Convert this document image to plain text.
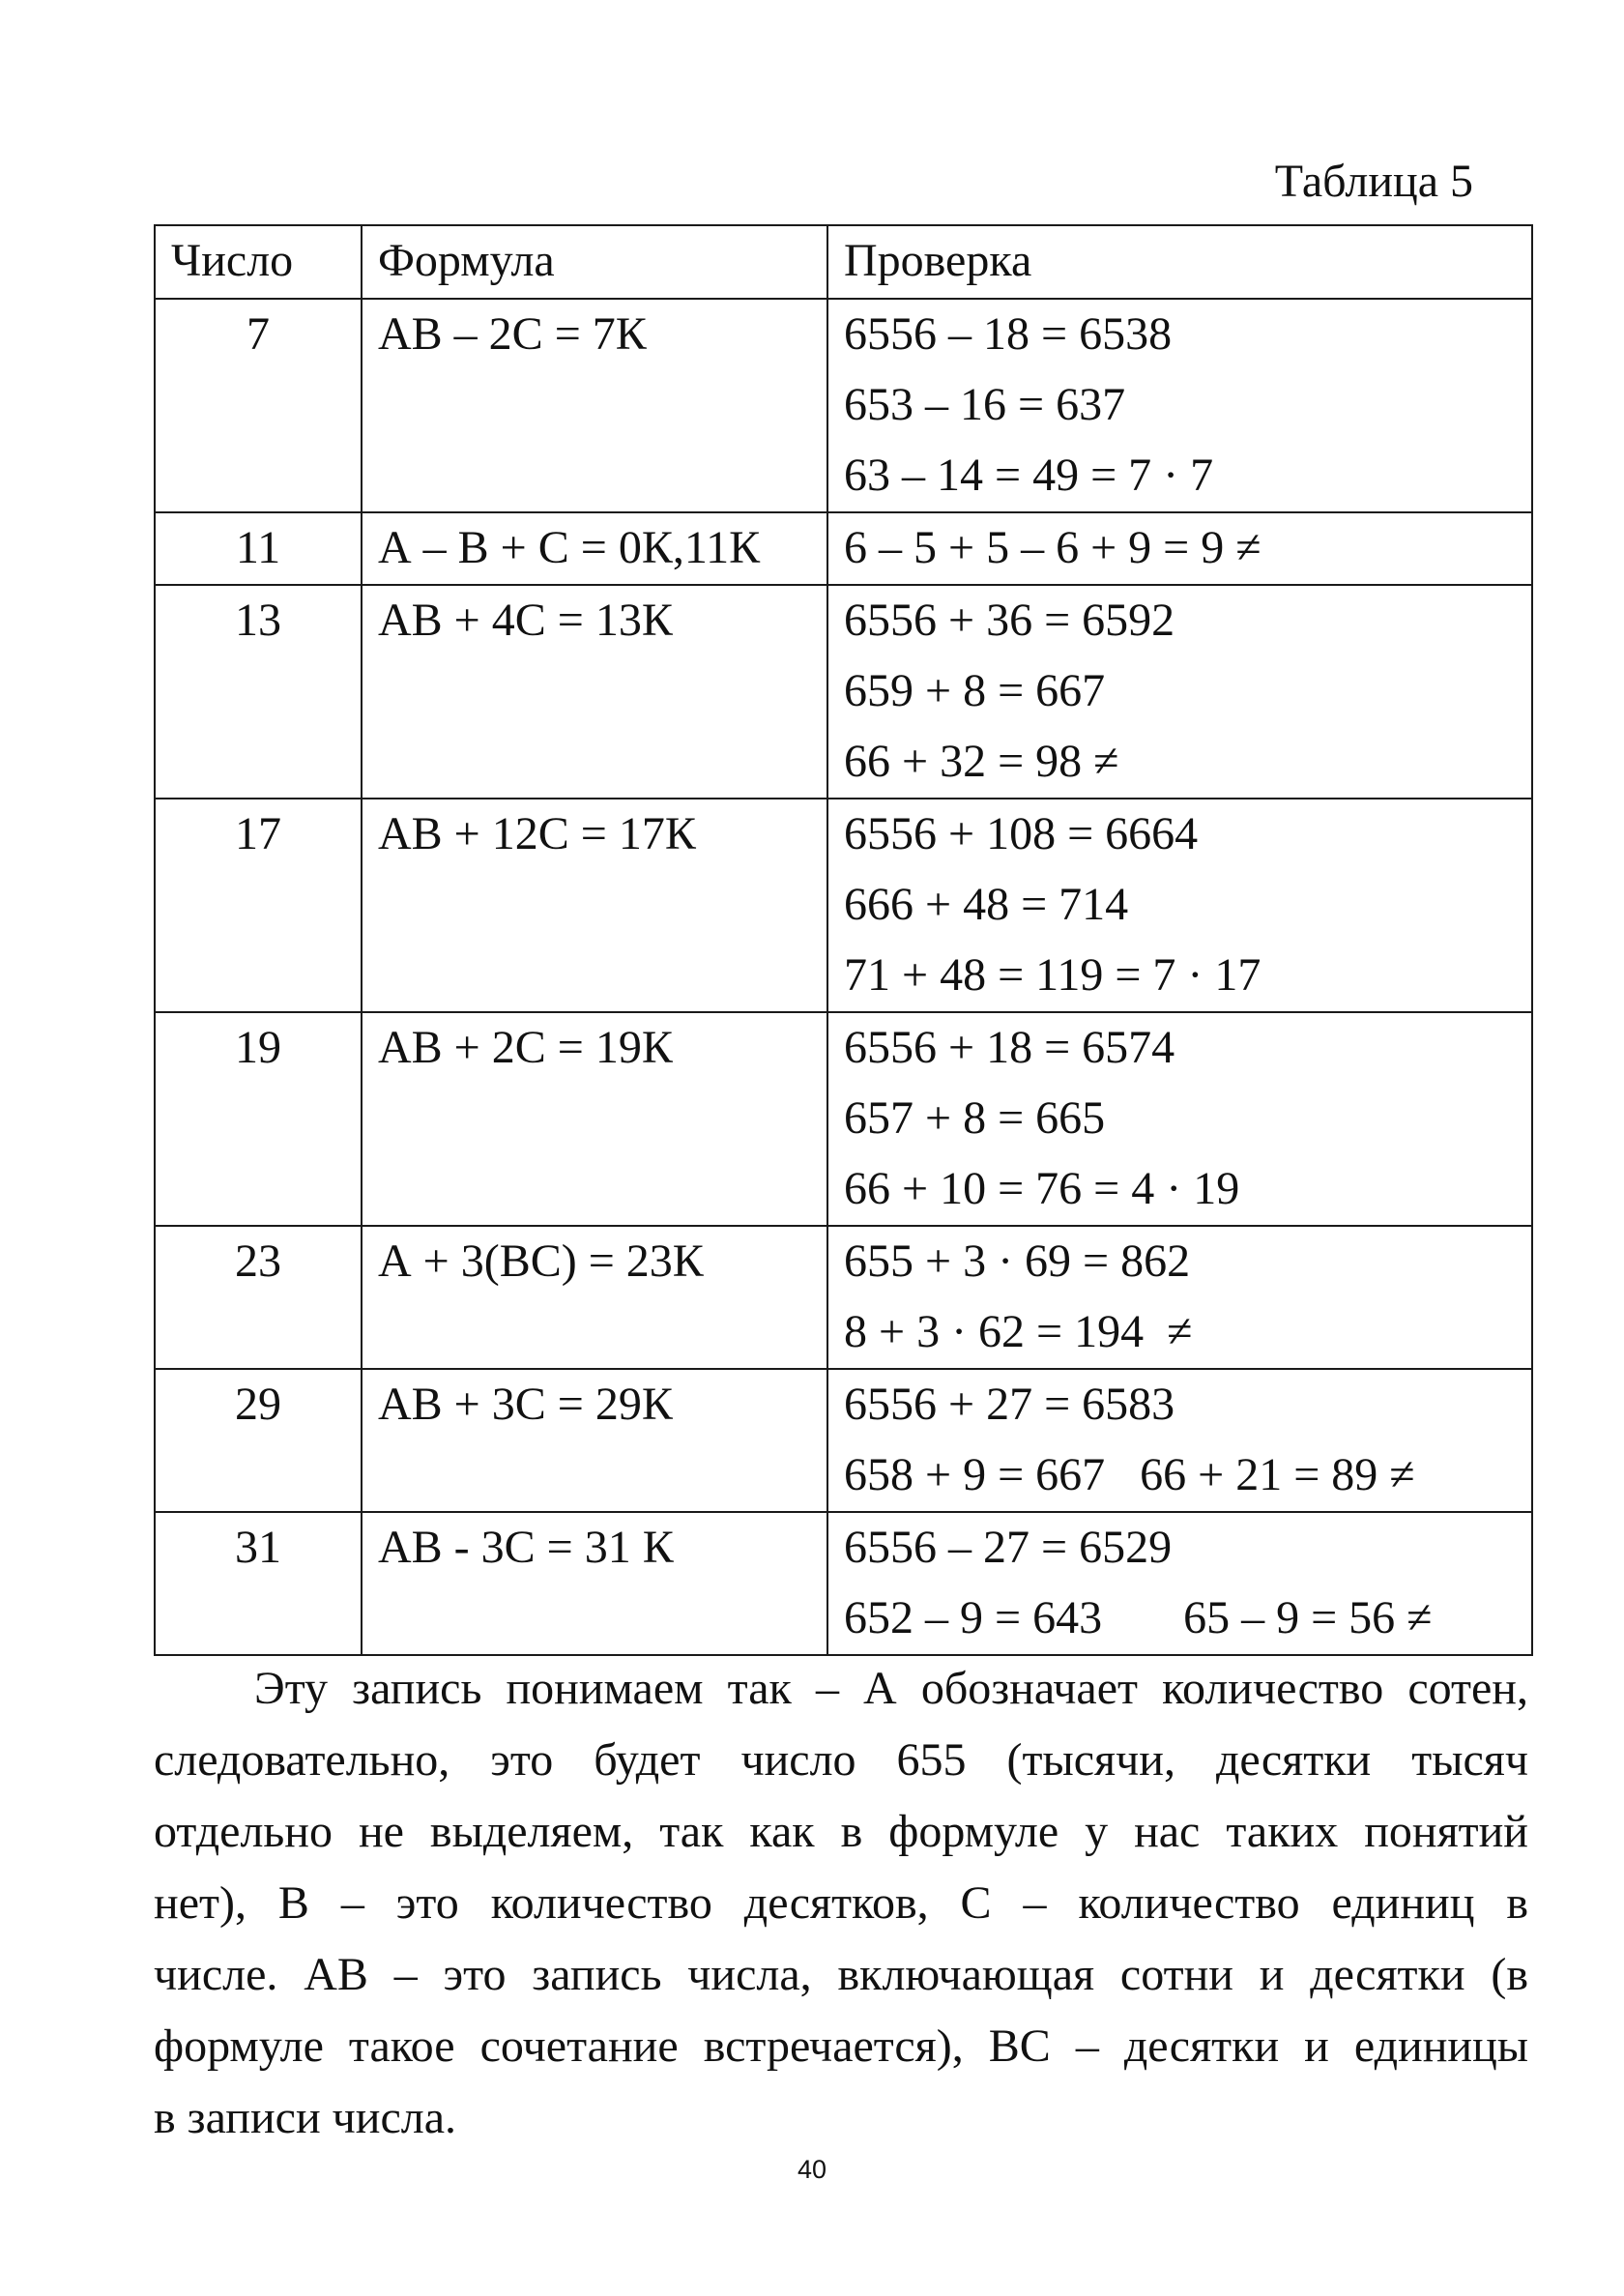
Таблица 5
Число	Формула	Проверка

7	АВ – 2С = 7К	6556 – 18 = 6538
653 – 16 = 637
63 – 14 = 49 = 7 · 7

11	А – В + С = 0К,11К	6 – 5 + 5 – 6 + 9 = 9 ≠

13	АВ + 4С = 13К	6556 + 36 = 6592
659 + 8 = 667
66 + 32 = 98 ≠

17	АВ + 12С = 17К	6556 + 108 = 6664
666 + 48 = 714
71 + 48 = 119 = 7 · 17

19	АВ + 2С = 19К	6556 + 18 = 6574
657 + 8 = 665
66 + 10 = 76 = 4 · 19

23	А + 3(ВС) = 23К	655 + 3 · 69 = 862
8 + 3 · 62 = 194  ≠

29	АВ + 3С = 29К	6556 + 27 = 6583
658 + 9 = 667   66 + 21 = 89 ≠

31	АВ - 3С = 31 К	6556 – 27 = 6529
652 – 9 = 643       65 – 9 = 56 ≠
Эту запись понимаем так – А обозначает количество сотен,
следовательно, это будет число 655 (тысячи, десятки тысяч
отдельно не выделяем, так как в формуле у нас таких понятий
нет), В – это количество десятков, С – количество единиц в
числе. АВ – это запись числа, включающая сотни и десятки (в
формуле такое сочетание встречается), ВС – десятки и единицы
в записи числа.
40
